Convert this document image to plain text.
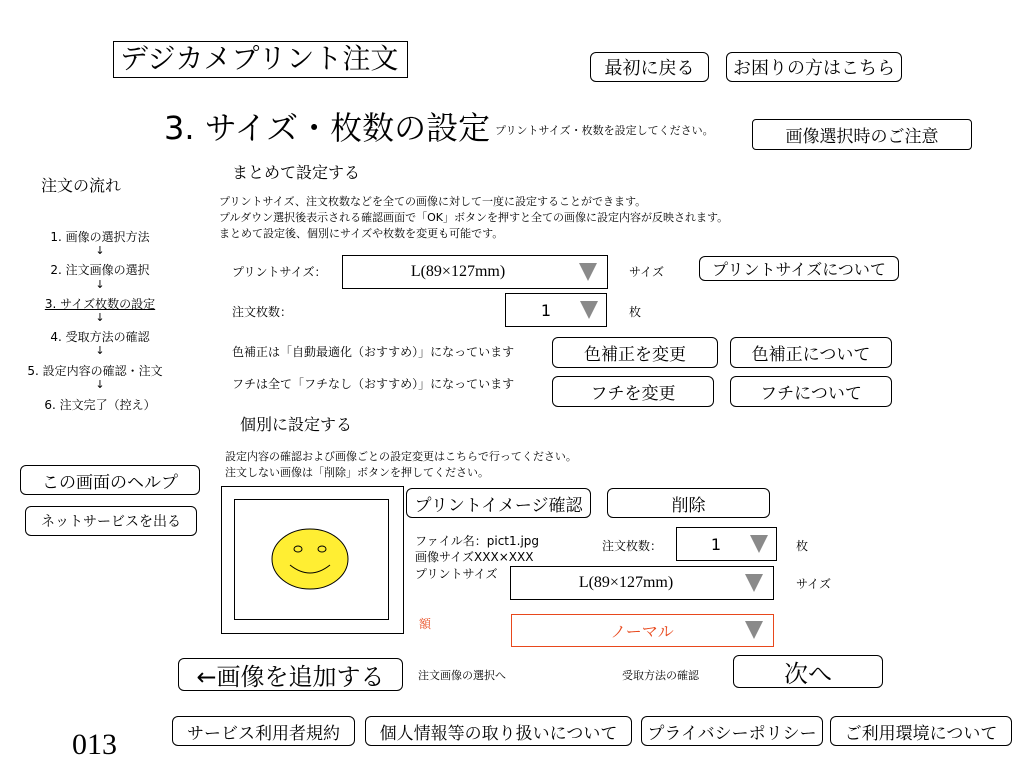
デジカメプリント注文	最初に戻る	お困りの方はこちら
3. サイズ・枚数の設定 プリントサイズ・枚数を設定してください。	画像選択時のご注意
注文の流れ
1. 画像の選択方法
↓
2. 注文画像の選択
↓
3. サイズ枚数の設定
↓
4. 受取方法の確認
↓
5. 設定内容の確認・注文
↓
6. 注文完了（控え）
この画面のヘルプ
ネットサービスを出る
まとめて設定する
プリントサイズ、注文枚数などを全ての画像に対して一度に設定することができます。
プルダウン選択後表示される確認画面で「OK」ボタンを押すと全ての画像に設定内容が反映されます。
まとめて設定後、個別にサイズや枚数を変更も可能です。
プリントサイズ：	L(89×127mm)	サイズ	プリントサイズについて
注文枚数：	1	枚
色補正は「自動最適化（おすすめ）」になっています	色補正を変更	色補正について
フチは全て「フチなし（おすすめ）」になっています	フチを変更	フチについて
個別に設定する
設定内容の確認および画像ごとの設定変更はこちらで行ってください。
注文しない画像は「削除」ボタンを押してください。
プリントイメージ確認	削除
ファイル名：pict1.jpg
画像サイズXXX×XXX
プリントサイズ
注文枚数：	1	枚
L(89×127mm)	サイズ
額	ノーマル
←画像を追加する	注文画像の選択へ	受取方法の確認	次へ
サービス利用者規約	個人情報等の取り扱いについて	プライバシーポリシー	ご利用環境について
013
